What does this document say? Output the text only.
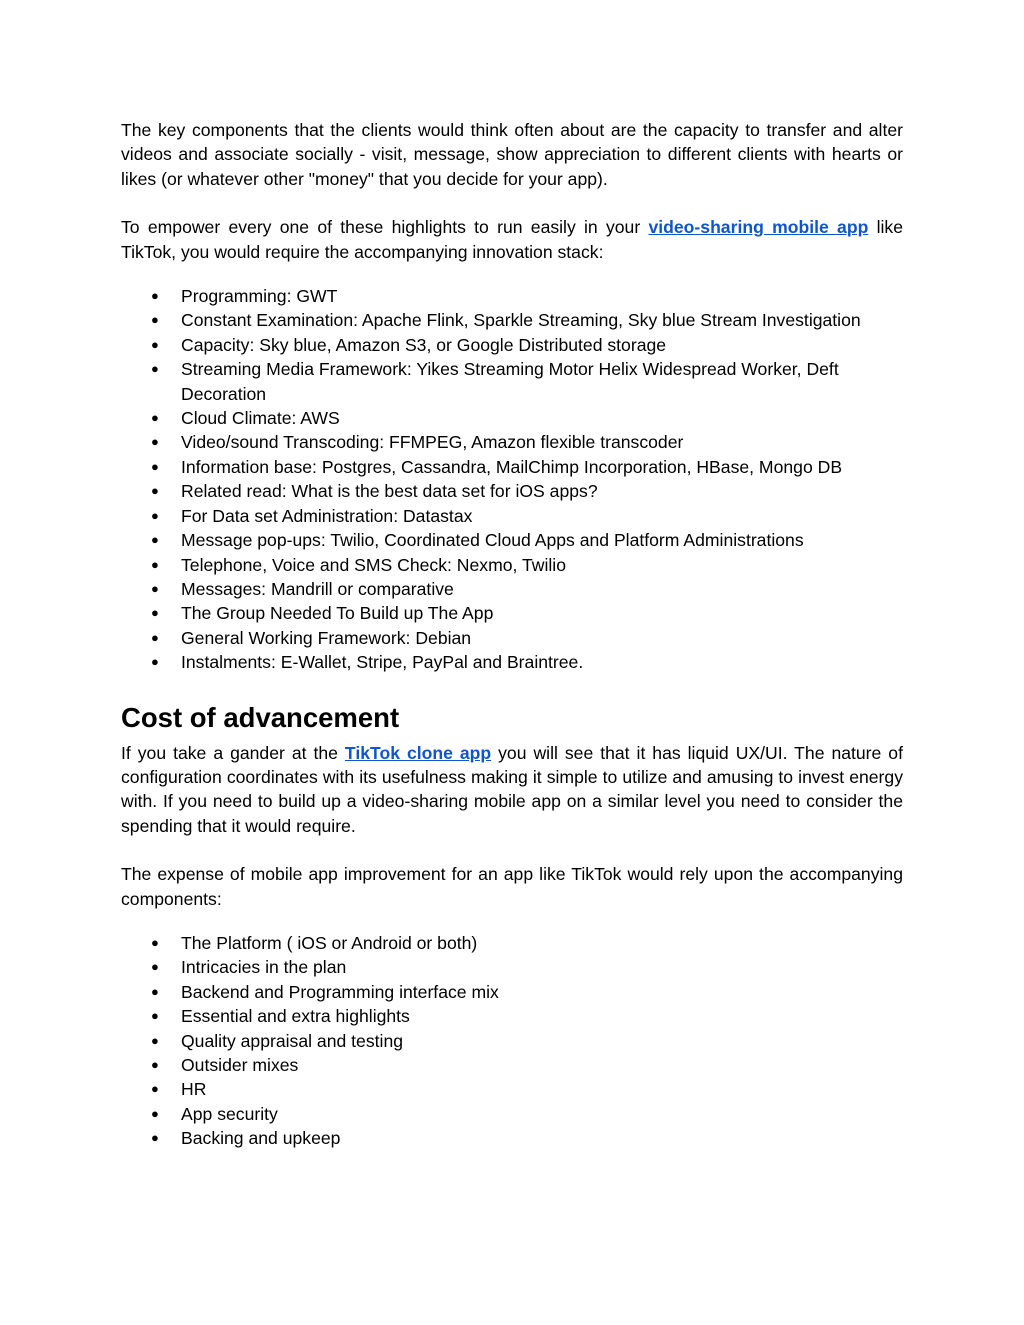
The key components that the clients would think often about are the capacity to transfer and alter videos and associate socially - visit, message, show appreciation to different clients with hearts or likes (or whatever other "money" that you decide for your app).

To empower every one of these highlights to run easily in your video-sharing mobile app like TikTok, you would require the accompanying innovation stack:

● Programming: GWT
● Constant Examination: Apache Flink, Sparkle Streaming, Sky blue Stream Investigation
● Capacity: Sky blue, Amazon S3, or Google Distributed storage
● Streaming Media Framework: Yikes Streaming Motor Helix Widespread Worker, Deft Decoration
● Cloud Climate: AWS
● Video/sound Transcoding: FFMPEG, Amazon flexible transcoder
● Information base: Postgres, Cassandra, MailChimp Incorporation, HBase, Mongo DB
● Related read: What is the best data set for iOS apps?
● For Data set Administration: Datastax
● Message pop-ups: Twilio, Coordinated Cloud Apps and Platform Administrations
● Telephone, Voice and SMS Check: Nexmo, Twilio
● Messages: Mandrill or comparative
● The Group Needed To Build up The App
● General Working Framework: Debian
● Instalments: E-Wallet, Stripe, PayPal and Braintree.
Cost of advancement

If you take a gander at the TikTok clone app you will see that it has liquid UX/UI. The nature of configuration coordinates with its usefulness making it simple to utilize and amusing to invest energy with. If you need to build up a video-sharing mobile app on a similar level you need to consider the spending that it would require.

The expense of mobile app improvement for an app like TikTok would rely upon the accompanying components:

● The Platform ( iOS or Android or both)
● Intricacies in the plan
● Backend and Programming interface mix
● Essential and extra highlights
● Quality appraisal and testing
● Outsider mixes
● HR
● App security
● Backing and upkeep
